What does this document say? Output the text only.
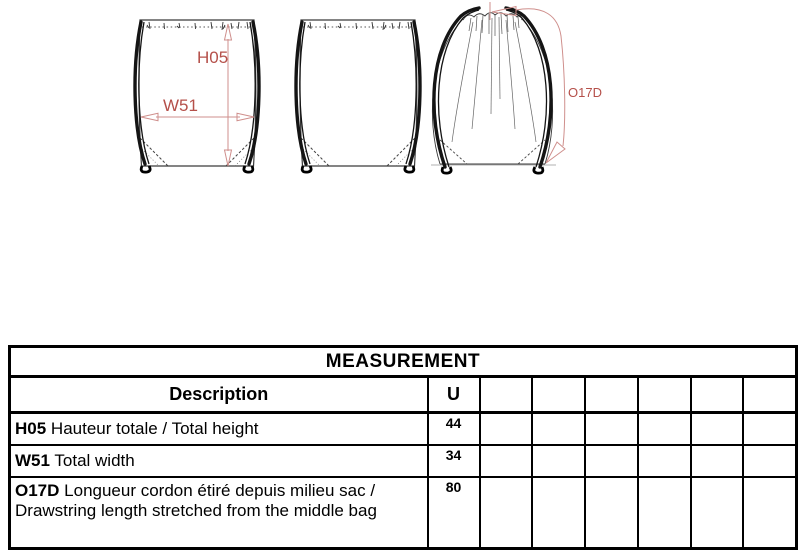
H05
W51
O17D
MEASUREMENT							
Description	U						
H05 Hauteur totale / Total height	44						
W51 Total width	34						
O17D Longueur cordon étiré depuis milieu sac / Drawstring length stretched from the middle bag	80						
